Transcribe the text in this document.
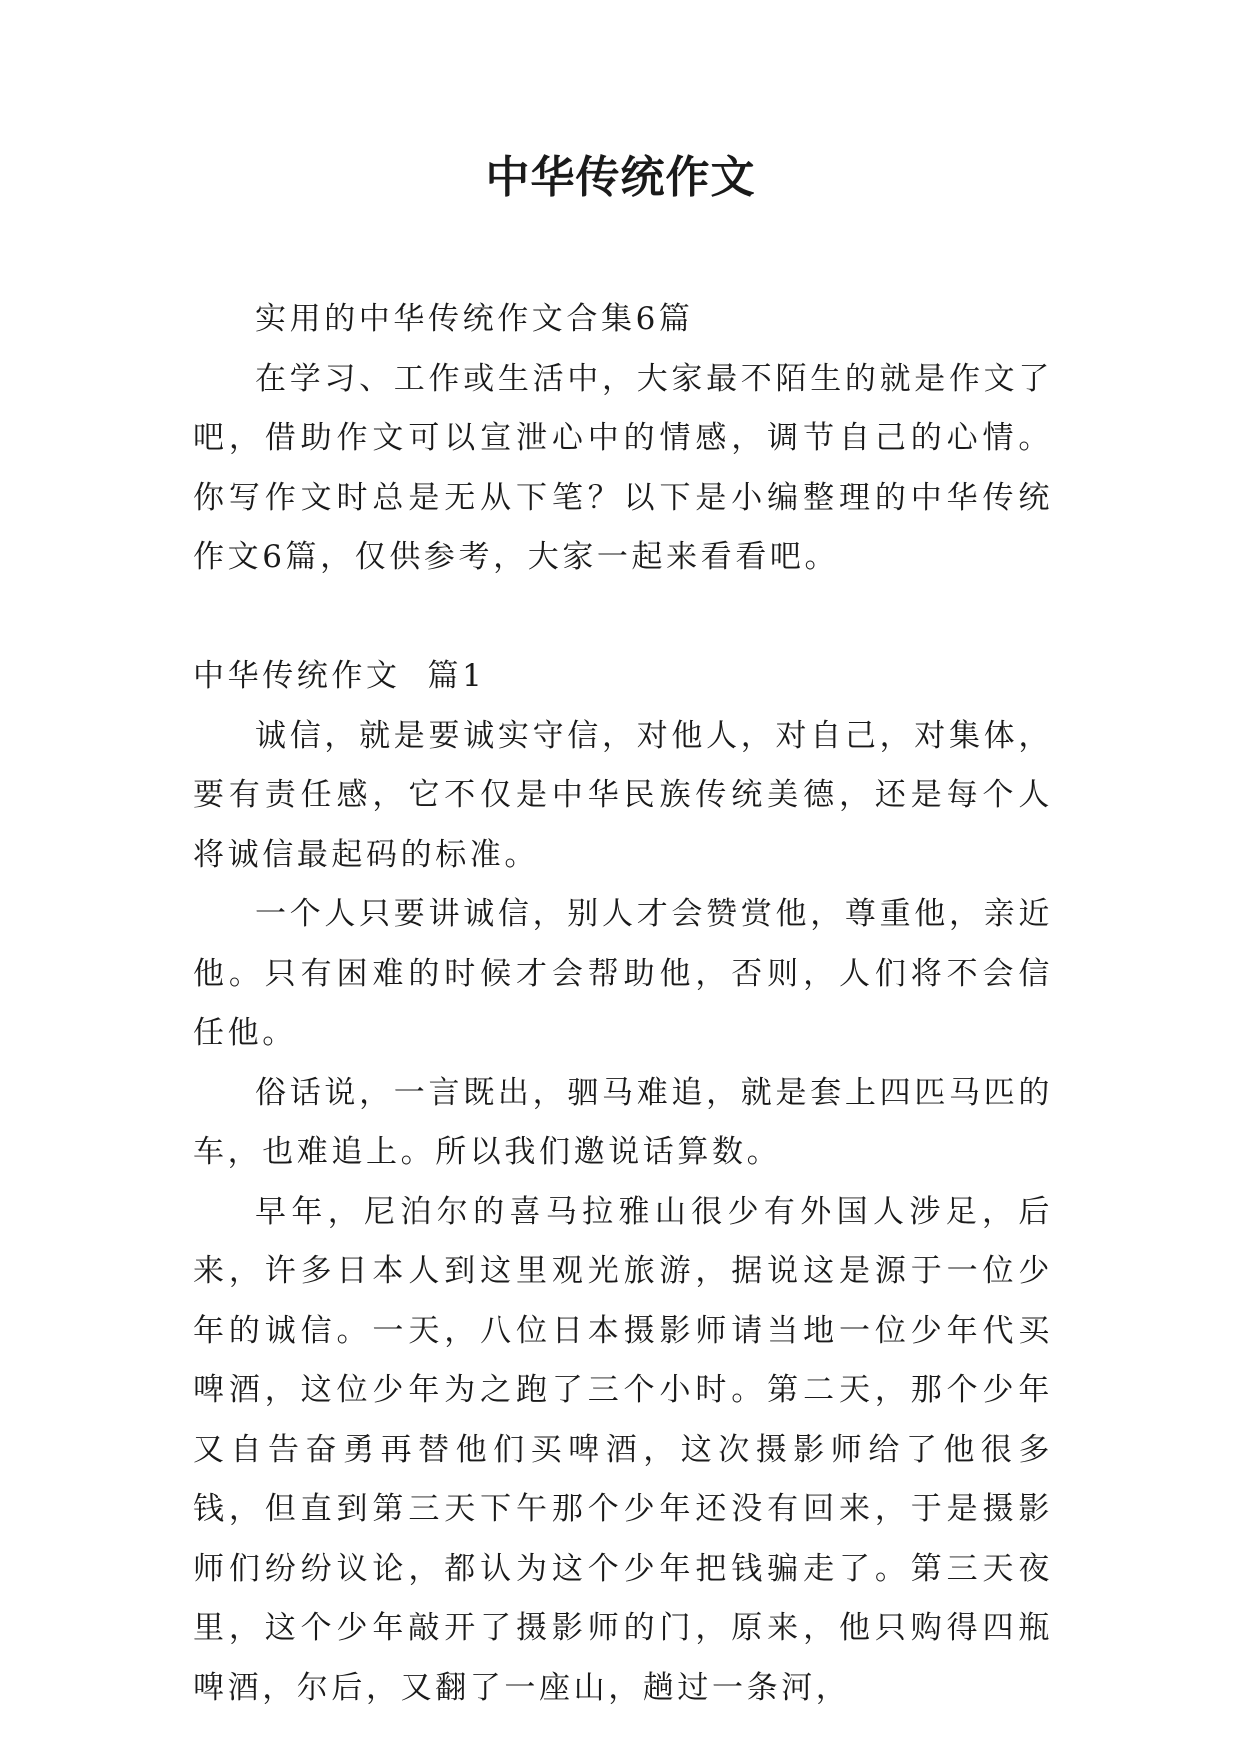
中华传统作文

实用的中华传统作文合集6篇

在学习、工作或生活中，大家最不陌生的就是作文了吧，借助作文可以宣泄心中的情感，调节自己的心情。你写作文时总是无从下笔？以下是小编整理的中华传统作文6篇，仅供参考，大家一起来看看吧。

中华传统作文  篇1

诚信，就是要诚实守信，对他人，对自己，对集体，要有责任感，它不仅是中华民族传统美德，还是每个人将诚信最起码的标准。

一个人只要讲诚信，别人才会赞赏他，尊重他，亲近他。只有困难的时候才会帮助他，否则，人们将不会信任他。

俗话说，一言既出，驷马难追，就是套上四匹马匹的车，也难追上。所以我们邀说话算数。

早年，尼泊尔的喜马拉雅山很少有外国人涉足，后来，许多日本人到这里观光旅游，据说这是源于一位少年的诚信。一天，八位日本摄影师请当地一位少年代买啤酒，这位少年为之跑了三个小时。第二天，那个少年又自告奋勇再替他们买啤酒，这次摄影师给了他很多钱，但直到第三天下午那个少年还没有回来，于是摄影师们纷纷议论，都认为这个少年把钱骗走了。第三天夜里，这个少年敲开了摄影师的门，原来，他只购得四瓶啤酒，尔后，又翻了一座山，趟过一条河，
